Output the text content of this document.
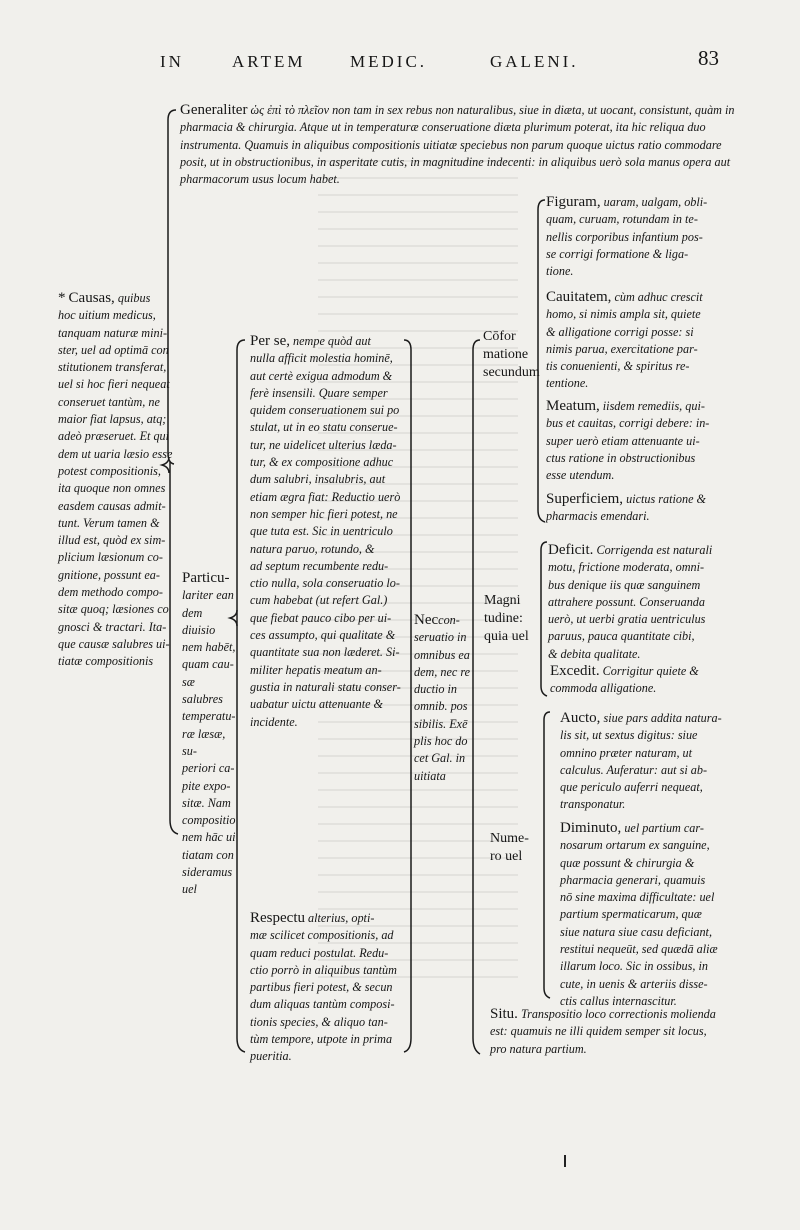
IN	ARTEM	MEDIC.	GALENI.	83

Generaliter ὡς ἐπὶ τὸ πλεῖον non tam in sex rebus non naturalibus, siue in diæta, ut uocant, consistunt, quàm in pharmacia & chirurgia. Atque ut in temperaturæ conseruatione diæta plurimum poterat, ita hic reliqua duo instrumenta. Quamuis in aliquibus compositionis uitiatæ speciebus non parum quoque uictus ratio commodare posit, ut in obstructionibus, in asperitate cutis, in magnitudine indecenti: in aliquibus uerò sola manus opera aut pharmacorum usus locum habet.

* Causas, quibus
hoc uitium medicus,
tanquam naturæ mini-
ster, uel ad optimā con
stitutionem transferat,
uel si hoc fieri nequeat
conseruet tantùm, ne
maior fiat lapsus, atq;
adeò præseruet. Et qui
dem ut uaria læsio esse
potest compositionis,
ita quoque non omnes
easdem causas admit-
tunt. Verum tamen &
illud est, quòd ex sim-
plicium læsionum co-
gnitione, possunt ea-
dem methodo compo-
sitæ quoq; læsiones co
gnosci & tractari. Ita-
que causæ salubres ui-
tiatæ compositionis

Particu-
lariter ean
dem diuisio
nem habēt,
quam cau-
sæ salubres
temperatu-
ræ læsæ, su-
periori ca-
pite expo-
sitæ. Nam
compositio
nem hāc ui
tiatam con
sideramus
uel

Per se, nempe quòd aut
nulla afficit molestia hominē,
aut certè exigua admodum &
ferè insensili. Quare semper
quidem conseruationem sui po
stulat, ut in eo statu conserue-
tur, ne uidelicet ulterius læda-
tur, & ex compositione adhuc
dum salubri, insalubris, aut
etiam ægra fiat: Reductio uerò
non semper hic fieri potest, ne
que tuta est. Sic in uentriculo
natura paruo, rotundo, &
ad septum recumbente redu-
ctio nulla, sola conseruatio lo-
cum habebat (ut refert Gal.)
que fiebat pauco cibo per ui-
ces assumpto, qui qualitate &
quantitate sua non læderet. Si-
militer hepatis meatum an-
gustia in naturali statu conser-
uabatur uictu attenuante &
incidente.

Respectu alterius, opti-
mæ scilicet compositionis, ad
quam reduci postulat. Redu-
ctio porrò in aliquibus tantùm
partibus fieri potest, & secun
dum aliquas tantùm composi-
tionis species, & aliquo tan-
tùm tempore, utpote in prima
pueritia.

Neccon-
seruatio in
omnibus ea
dem, nec re
ductio in
omnib. pos
sibilis. Exē
plis hoc do
cet Gal. in
uitiata

Cōfor
matione
secundum

Figuram, uaram, ualgam, obli-
quam, curuam, rotundam in te-
nellis corporibus infantium pos-
se corrigi formatione & liga-
tione.

Cauitatem, cùm adhuc crescit
homo, si nimis ampla sit, quiete
& alligatione corrigi posse: si
nimis parua, exercitatione par-
tis conuenienti, & spiritus re-
tentione.

Meatum, iisdem remediis, qui-
bus et cauitas, corrigi debere: in-
super uerò etiam attenuante ui-
ctus ratione in obstructionibus
esse utendum.

Superficiem, uictus ratione &
pharmacis emendari.

Magni
tudine:
quia uel

Deficit. Corrigenda est naturali
motu, frictione moderata, omni-
bus denique iis quæ sanguinem
attrahere possunt. Conseruanda
uerò, ut uerbi gratia uentriculus
paruus, pauca quantitate cibi,
& debita qualitate.

Excedit. Corrigitur quiete &
commoda alligatione.

Nume-
ro uel

Aucto, siue pars addita natura-
lis sit, ut sextus digitus: siue
omnino præter naturam, ut
calculus. Auferatur: aut si ab-
que periculo auferri nequeat,
transponatur.

Diminuto, uel partium car-
nosarum ortarum ex sanguine,
quæ possunt & chirurgia &
pharmacia generari, quamuis
nō sine maxima difficultate: uel
partium spermaticarum, quæ
siue natura siue casu deficiant,
restitui nequeūt, sed quædā aliæ
illarum loco. Sic in ossibus, in
cute, in uenis & arteriis disse-
ctis callus internascitur.

Situ. Transpositio loco correctionis molienda
est: quamuis ne illi quidem semper sit locus,
pro natura partium.
